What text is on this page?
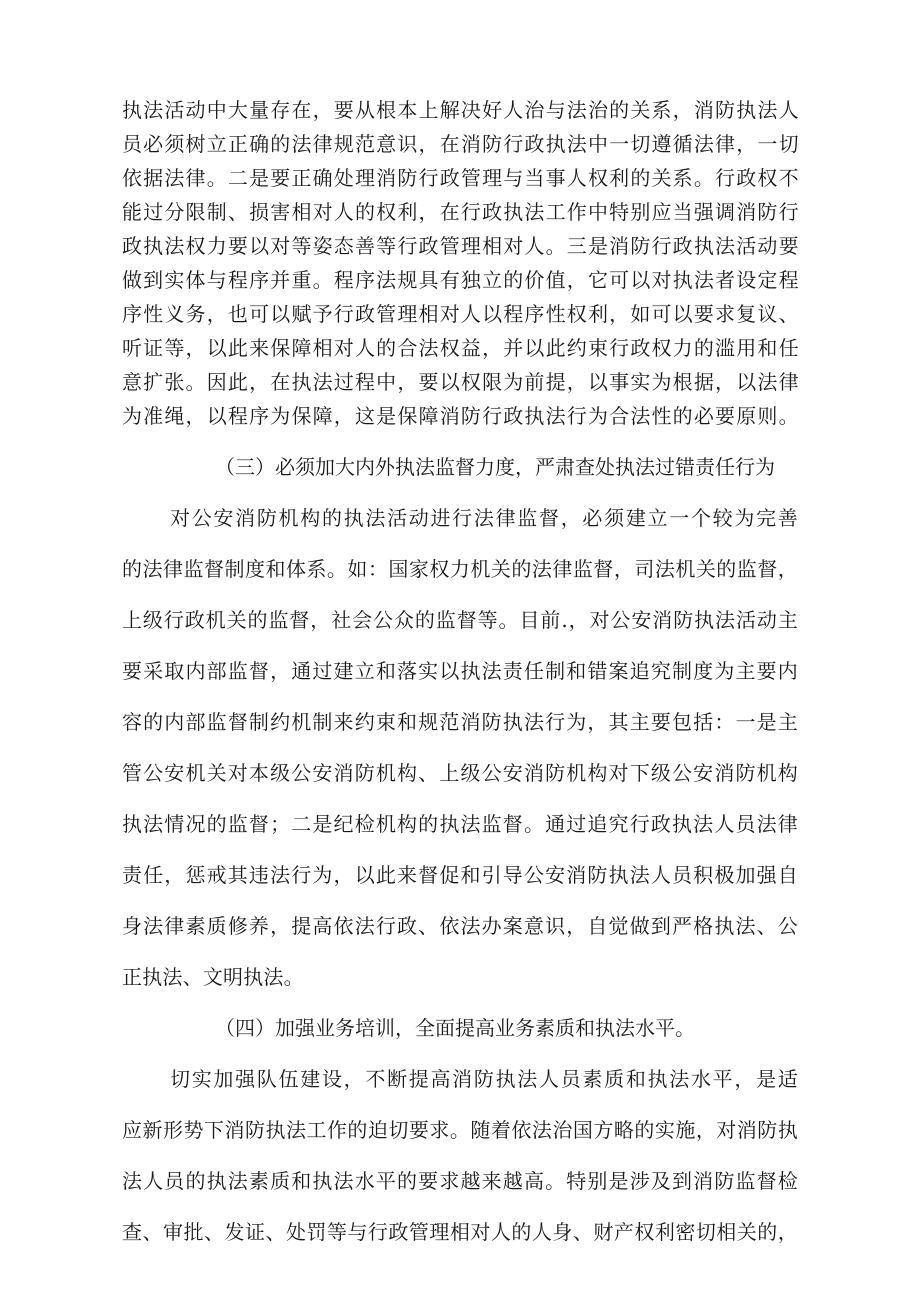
执法活动中大量存在，要从根本上解决好人治与法治的关系，消防执法人
员必须树立正确的法律规范意识，在消防行政执法中一切遵循法律，一切
依据法律。二是要正确处理消防行政管理与当事人权利的关系。行政权不
能过分限制、损害相对人的权利，在行政执法工作中特别应当强调消防行
政执法权力要以对等姿态善等行政管理相对人。三是消防行政执法活动要
做到实体与程序并重。程序法规具有独立的价值，它可以对执法者设定程
序性义务，也可以赋予行政管理相对人以程序性权利，如可以要求复议、
听证等，以此来保障相对人的合法权益，并以此约束行政权力的滥用和任
意扩张。因此，在执法过程中，要以权限为前提，以事实为根据，以法律
为准绳，以程序为保障，这是保障消防行政执法行为合法性的必要原则。
（三）必须加大内外执法监督力度，严肃查处执法过错责任行为
对公安消防机构的执法活动进行法律监督，必须建立一个较为完善
的法律监督制度和体系。如：国家权力机关的法律监督，司法机关的监督，
上级行政机关的监督，社会公众的监督等。目前.，对公安消防执法活动主
要采取内部监督，通过建立和落实以执法责任制和错案追究制度为主要内
容的内部监督制约机制来约束和规范消防执法行为，其主要包括：一是主
管公安机关对本级公安消防机构、上级公安消防机构对下级公安消防机构
执法情况的监督；二是纪检机构的执法监督。通过追究行政执法人员法律
责任，惩戒其违法行为，以此来督促和引导公安消防执法人员积极加强自
身法律素质修养，提高依法行政、依法办案意识，自觉做到严格执法、公
正执法、文明执法。
（四）加强业务培训，全面提高业务素质和执法水平。
切实加强队伍建设，不断提高消防执法人员素质和执法水平，是适
应新形势下消防执法工作的迫切要求。随着依法治国方略的实施，对消防执
法人员的执法素质和执法水平的要求越来越高。特别是涉及到消防监督检
查、审批、发证、处罚等与行政管理相对人的人身、财产权利密切相关的，
